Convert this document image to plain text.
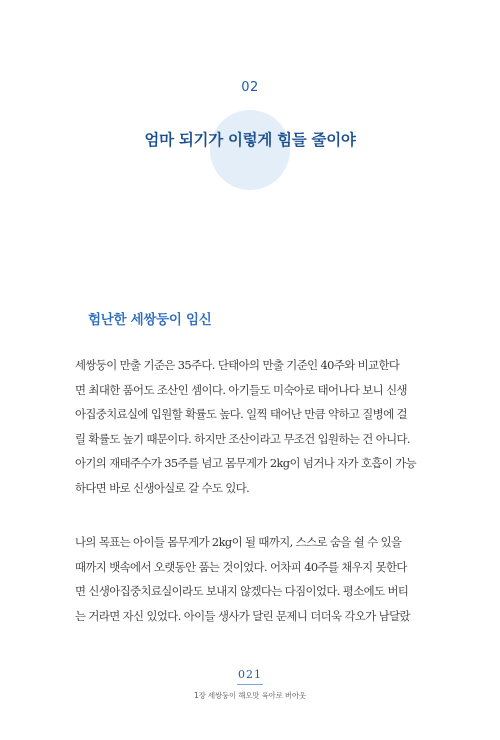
02
엄마 되기가 이렇게 힘들 줄이야
험난한 세쌍둥이 임신
세쌍둥이 만출 기준은 35주다. 단태아의 만출 기준인 40주와 비교한다
면 최대한 품어도 조산인 셈이다. 아기들도 미숙아로 태어나다 보니 신생
아집중치료실에 입원할 확률도 높다. 일찍 태어난 만큼 약하고 질병에 걸
릴 확률도 높기 때문이다. 하지만 조산이라고 무조건 입원하는 건 아니다.
아기의 재태주수가 35주를 넘고 몸무게가 2kg이 넘거나 자가 호흡이 가능
하다면 바로 신생아실로 갈 수도 있다.
나의 목표는 아이들 몸무게가 2kg이 될 때까지, 스스로 숨을 쉴 수 있을
때까지 뱃속에서 오랫동안 품는 것이었다. 어차피 40주를 채우지 못한다
면 신생아집중치료실이라도 보내지 않겠다는 다짐이었다. 평소에도 버티
는 거라면 자신 있었다. 아이들 생사가 달린 문제니 더더욱 각오가 남달랐
021
1장 세쌍둥이 해오맛 육아로 버아웃
